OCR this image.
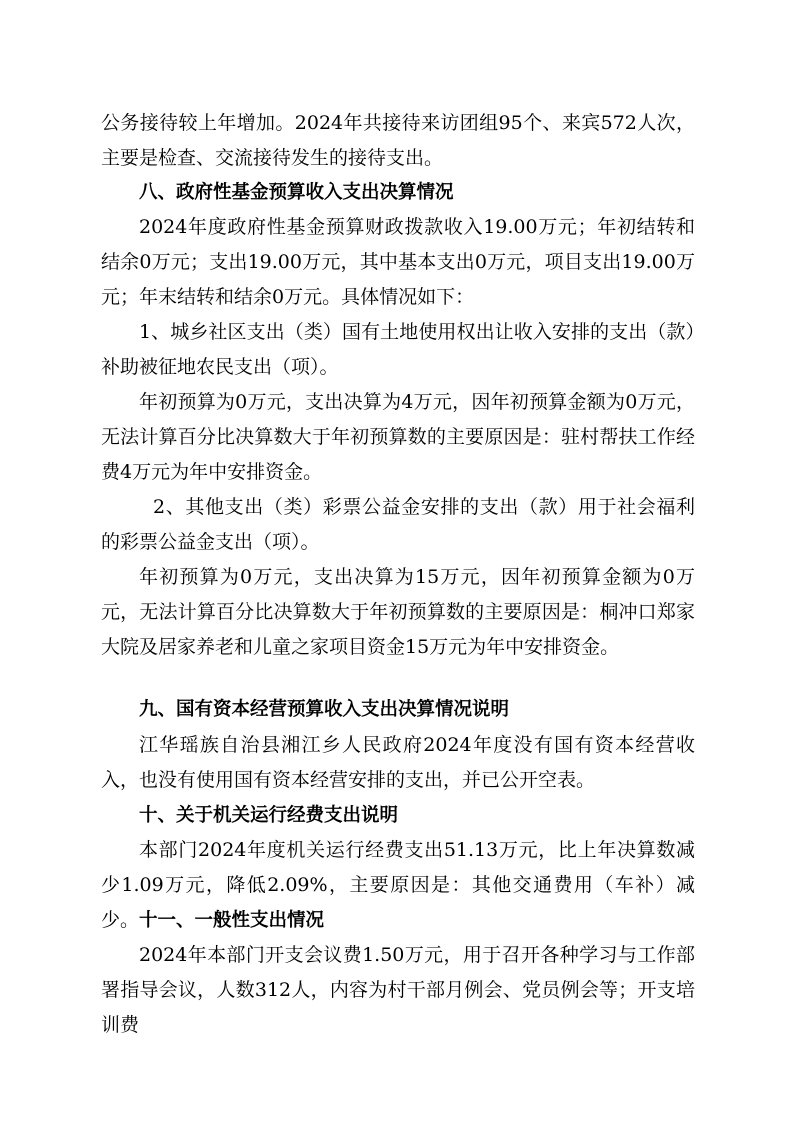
公务接待较上年增加。2024年共接待来访团组95个、来宾572人次，主要是检查、交流接待发生的接待支出。

八、政府性基金预算收入支出决算情况

2024年度政府性基金预算财政拨款收入19.00万元；年初结转和结余0万元；支出19.00万元，其中基本支出0万元，项目支出19.00万元；年末结转和结余0万元。具体情况如下：

1、城乡社区支出（类）国有土地使用权出让收入安排的支出（款）补助被征地农民支出（项）。

年初预算为0万元，支出决算为4万元，因年初预算金额为0万元，无法计算百分比决算数大于年初预算数的主要原因是：驻村帮扶工作经费4万元为年中安排资金。

2、其他支出（类）彩票公益金安排的支出（款）用于社会福利的彩票公益金支出（项）。

年初预算为0万元，支出决算为15万元，因年初预算金额为0万元，无法计算百分比决算数大于年初预算数的主要原因是：桐冲口郑家大院及居家养老和儿童之家项目资金15万元为年中安排资金。

九、国有资本经营预算收入支出决算情况说明

江华瑶族自治县湘江乡人民政府2024年度没有国有资本经营收入，也没有使用国有资本经营安排的支出，并已公开空表。

十、关于机关运行经费支出说明

本部门2024年度机关运行经费支出51.13万元，比上年决算数减少1.09万元，降低2.09%，主要原因是：其他交通费用（车补）减少。 十一、一般性支出情况

2024年本部门开支会议费1.50万元，用于召开各种学习与工作部署指导会议，人数312人，内容为村干部月例会、党员例会等；开支培训费
